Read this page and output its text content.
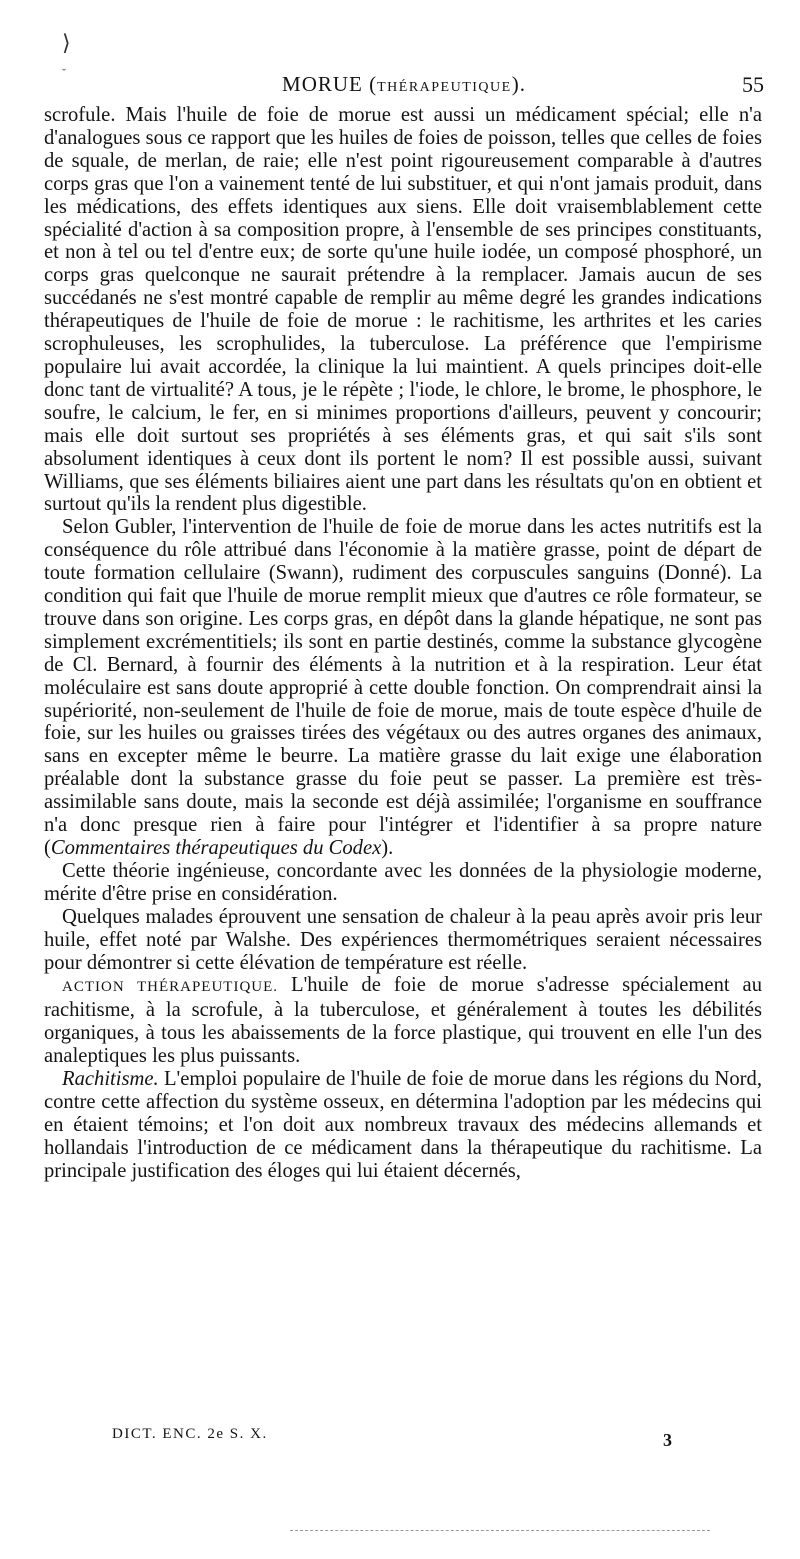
⟩
ˇ	MORUE (THÉRAPEUTIQUE).	55

scrofule. Mais l'huile de foie de morue est aussi un médicament spécial; elle n'a d'analogues sous ce rapport que les huiles de foies de poisson, telles que celles de foies de squale, de merlan, de raie; elle n'est point rigoureusement comparable à d'autres corps gras que l'on a vainement tenté de lui substituer, et qui n'ont jamais produit, dans les médications, des effets identiques aux siens. Elle doit vraisemblablement cette spécialité d'action à sa composition propre, à l'ensemble de ses principes constituants, et non à tel ou tel d'entre eux; de sorte qu'une huile iodée, un composé phosphoré, un corps gras quelconque ne saurait prétendre à la remplacer. Jamais aucun de ses succédanés ne s'est montré capable de remplir au même degré les grandes indications thérapeutiques de l'huile de foie de morue : le rachitisme, les arthrites et les caries scrophuleuses, les scrophulides, la tuberculose. La préférence que l'empirisme populaire lui avait accordée, la clinique la lui maintient. A quels principes doit-elle donc tant de virtualité? A tous, je le répète ; l'iode, le chlore, le brome, le phosphore, le soufre, le calcium, le fer, en si minimes proportions d'ailleurs, peuvent y concourir; mais elle doit surtout ses propriétés à ses éléments gras, et qui sait s'ils sont absolument identiques à ceux dont ils portent le nom? Il est possible aussi, suivant Williams, que ses éléments biliaires aient une part dans les résultats qu'on en obtient et surtout qu'ils la rendent plus digestible.

Selon Gubler, l'intervention de l'huile de foie de morue dans les actes nutritifs est la conséquence du rôle attribué dans l'économie à la matière grasse, point de départ de toute formation cellulaire (Swann), rudiment des corpuscules sanguins (Donné). La condition qui fait que l'huile de morue remplit mieux que d'autres ce rôle formateur, se trouve dans son origine. Les corps gras, en dépôt dans la glande hépatique, ne sont pas simplement excrémentitiels; ils sont en partie destinés, comme la substance glycogène de Cl. Bernard, à fournir des éléments à la nutrition et à la respiration. Leur état moléculaire est sans doute approprié à cette double fonction. On comprendrait ainsi la supériorité, non-seulement de l'huile de foie de morue, mais de toute espèce d'huile de foie, sur les huiles ou graisses tirées des végétaux ou des autres organes des animaux, sans en excepter même le beurre. La matière grasse du lait exige une élaboration préalable dont la substance grasse du foie peut se passer. La première est très-assimilable sans doute, mais la seconde est déjà assimilée; l'organisme en souffrance n'a donc presque rien à faire pour l'intégrer et l'identifier à sa propre nature (Commentaires thérapeutiques du Codex).

Cette théorie ingénieuse, concordante avec les données de la physiologie moderne, mérite d'être prise en considération.

Quelques malades éprouvent une sensation de chaleur à la peau après avoir pris leur huile, effet noté par Walshe. Des expériences thermométriques seraient nécessaires pour démontrer si cette élévation de température est réelle.

ACTION THÉRAPEUTIQUE. L'huile de foie de morue s'adresse spécialement au rachitisme, à la scrofule, à la tuberculose, et généralement à toutes les débilités organiques, à tous les abaissements de la force plastique, qui trouvent en elle l'un des analeptiques les plus puissants.

Rachitisme. L'emploi populaire de l'huile de foie de morue dans les régions du Nord, contre cette affection du système osseux, en détermina l'adoption par les médecins qui en étaient témoins; et l'on doit aux nombreux travaux des médecins allemands et hollandais l'introduction de ce médicament dans la thérapeutique du rachitisme. La principale justification des éloges qui lui étaient décernés,

DICT. ENC. 2e S. X.	3
